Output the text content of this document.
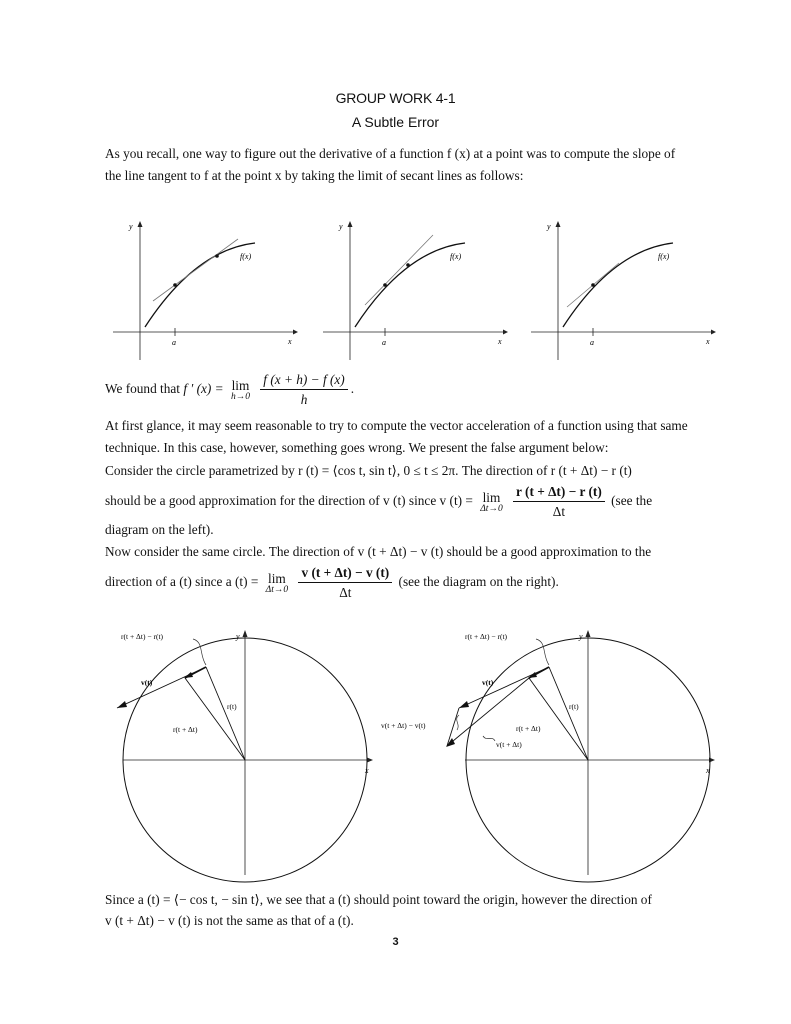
GROUP WORK 4-1
A Subtle Error
As you recall, one way to figure out the derivative of a function f (x) at a point was to compute the slope of
the line tangent to f at the point x by taking the limit of secant lines as follows:
y
x
a
f(x)
y
x
a
f(x)
y
x
a
f(x)
We found that f ′ (x) = lim
h→0
$\frac{f (x + h) - f (x)}{h}$ .
At first glance, it may seem reasonable to try to compute the vector acceleration of a function using that same
technique. In this case, however, something goes wrong. We present the false argument below:
Consider the circle parametrized by r (t) = ⟨cos t, sin t⟩, 0 ≤ t ≤ 2π. The direction of r (t + Δt) − r (t)
should be a good approximation for the direction of v (t) since v (t) = lim
Δt→0
$\frac{r (t + \Delta t) - r (t)}{\Delta t} (see$ the
diagram on the left).
Now consider the same circle. The direction of v (t + Δt) − v (t) should be a good approximation to the
direction of a (t) since a (t) = lim
Δt→0
$\frac{v (t + \Delta t) - v (t)}{\Delta t} (see$ the diagram on the right).
y
x
r(t + Δt) − r(t)
v(t)
r(t)
r(t + Δt)
y
x
r(t + Δt) − r(t)
v(t)
r(t)
v(t + Δt) − v(t)	r(t + Δt)
v(t + Δt)
Since a (t) = ⟨− cos t, − sin t⟩, we see that a (t) should point toward the origin, however the direction of
v (t + Δt) − v (t) is not the same as that of a (t).
3
